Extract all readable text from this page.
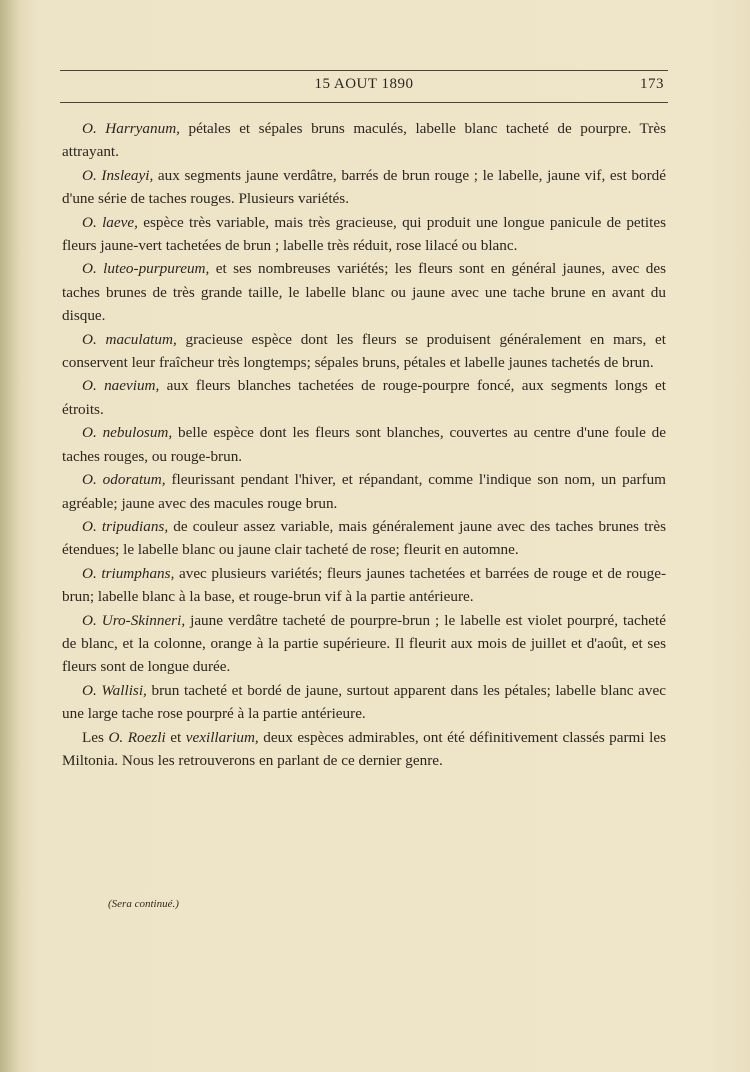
15 AOUT 1890	173

O. Harryanum, pétales et sépales bruns maculés, labelle blanc tacheté de pourpre. Très attrayant.

O. Insleayi, aux segments jaune verdâtre, barrés de brun rouge ; le labelle, jaune vif, est bordé d'une série de taches rouges. Plusieurs variétés.

O. laeve, espèce très variable, mais très gracieuse, qui produit une longue panicule de petites fleurs jaune-vert tachetées de brun ; labelle très réduit, rose lilacé ou blanc.

O. luteo-purpureum, et ses nombreuses variétés; les fleurs sont en général jaunes, avec des taches brunes de très grande taille, le labelle blanc ou jaune avec une tache brune en avant du disque.

O. maculatum, gracieuse espèce dont les fleurs se produisent généralement en mars, et conservent leur fraîcheur très longtemps; sépales bruns, pétales et labelle jaunes tachetés de brun.

O. naevium, aux fleurs blanches tachetées de rouge-pourpre foncé, aux segments longs et étroits.

O. nebulosum, belle espèce dont les fleurs sont blanches, couvertes au centre d'une foule de taches rouges, ou rouge-brun.

O. odoratum, fleurissant pendant l'hiver, et répandant, comme l'indique son nom, un parfum agréable; jaune avec des macules rouge brun.

O. tripudians, de couleur assez variable, mais généralement jaune avec des taches brunes très étendues; le labelle blanc ou jaune clair tacheté de rose; fleurit en automne.

O. triumphans, avec plusieurs variétés; fleurs jaunes tachetées et barrées de rouge et de rouge-brun; labelle blanc à la base, et rouge-brun vif à la partie antérieure.

O. Uro-Skinneri, jaune verdâtre tacheté de pourpre-brun ; le labelle est violet pourpré, tacheté de blanc, et la colonne, orange à la partie supérieure. Il fleurit aux mois de juillet et d'août, et ses fleurs sont de longue durée.

O. Wallisi, brun tacheté et bordé de jaune, surtout apparent dans les pétales; labelle blanc avec une large tache rose pourpré à la partie antérieure.

Les O. Roezli et vexillarium, deux espèces admirables, ont été définitivement classés parmi les Miltonia. Nous les retrouverons en parlant de ce dernier genre.

(Sera continué.)
